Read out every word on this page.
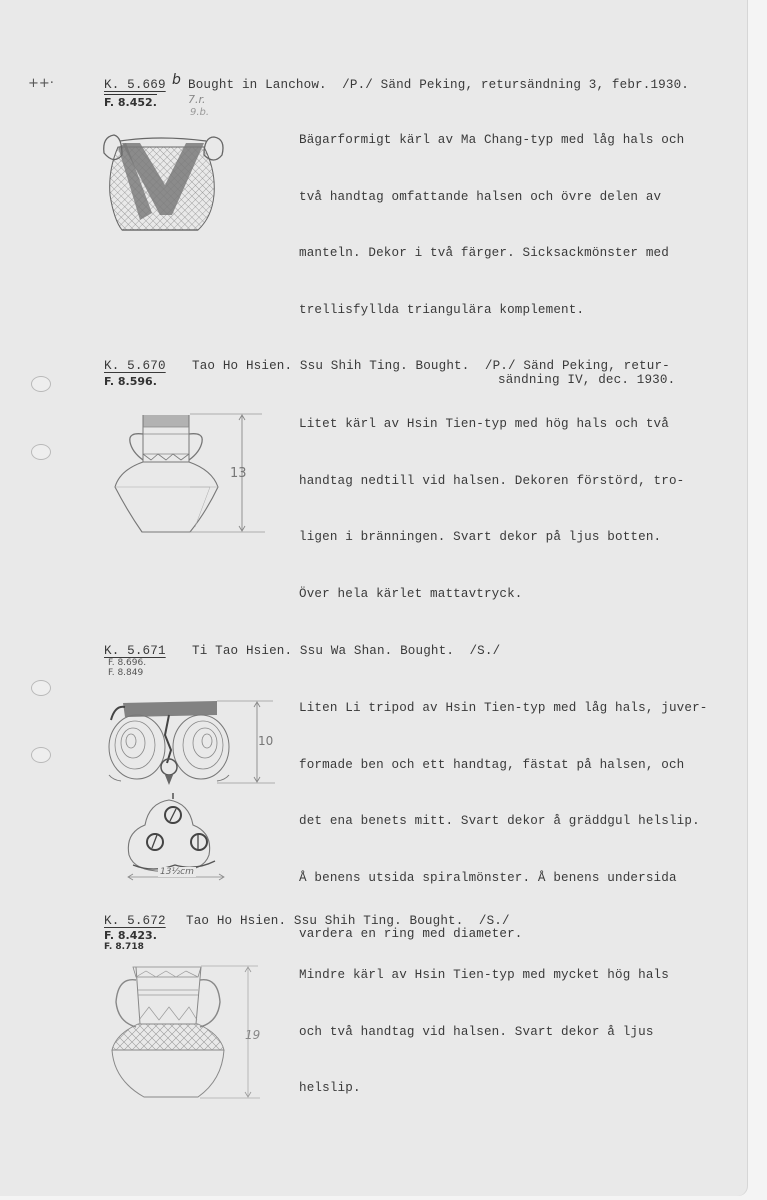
++·	K. 5.669 b Bought in Lanchow.  /P./ Sänd Peking, retursändning 3, febr.1930.
F. 8.452.	7.r.
9.b.

Bägarformigt kärl av Ma Chang-typ med låg hals och

två handtag omfattande halsen och övre delen av

manteln. Dekor i två färger. Sicksackmönster med

trellisfyllda triangulära komplement.

K. 5.670 Tao Ho Hsien. Ssu Shih Ting. Bought.  /P./ Sänd Peking, retur-
sändning IV, dec. 1930.
F. 8.596.

Litet kärl av Hsin Tien-typ med hög hals och två

handtag nedtill vid halsen. Dekoren förstörd, tro-

ligen i bränningen. Svart dekor på ljus botten.

Över hela kärlet mattavtryck.

13
K. 5.671 Ti Tao Hsien. Ssu Wa Shan. Bought.  /S./
F. 8.696.
F. 8.849

Liten Li tripod av Hsin Tien-typ med låg hals, juver-

formade ben och ett handtag, fästat på halsen, och

det ena benets mitt. Svart dekor å gräddgul helslip.

Å benens utsida spiralmönster. Å benens undersida

vardera en ring med diameter.

10
13½cm
K. 5.672 Tao Ho Hsien. Ssu Shih Ting. Bought.  /S./
F. 8.423.
F. 8.718

Mindre kärl av Hsin Tien-typ med mycket hög hals

och två handtag vid halsen. Svart dekor å ljus

helslip.

19
